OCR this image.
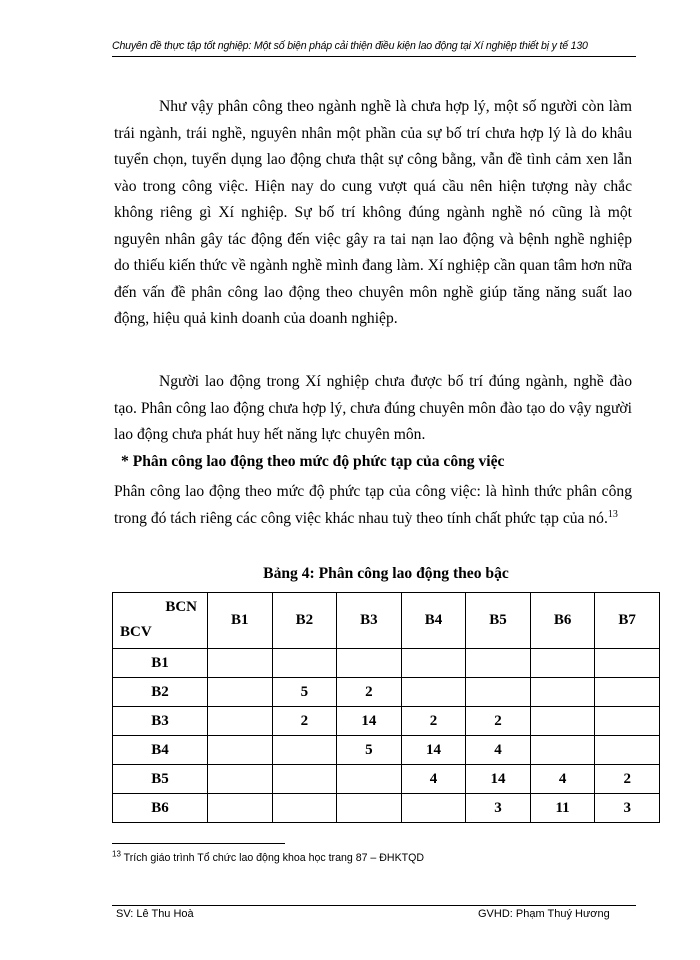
Chuyên đề thực tập tốt nghiệp: Một số biện pháp cải thiện điều kiện lao động tại Xí nghiệp thiết bị y tế 130

Như vậy phân công theo ngành nghề là chưa hợp lý, một số người còn làm trái ngành, trái nghề, nguyên nhân một phần của sự bố trí chưa hợp lý là do khâu tuyển chọn, tuyển dụng lao động chưa thật sự công bằng, vẫn đề tình cảm xen lẫn vào trong công việc. Hiện nay do cung vượt quá cầu nên hiện tượng này chắc không riêng gì Xí nghiệp. Sự bố trí không đúng ngành nghề nó cũng là một nguyên nhân gây tác động đến việc gây ra tai nạn lao động và bệnh nghề nghiệp do thiếu kiến thức về ngành nghề mình đang làm. Xí nghiệp cần quan tâm hơn nữa đến vấn đề phân công lao động theo chuyên môn nghề giúp tăng năng suất lao động, hiệu quả kinh doanh của doanh nghiệp.

Người lao động trong Xí nghiệp chưa được bố trí đúng ngành, nghề đào tạo. Phân công lao động chưa hợp lý, chưa đúng chuyên môn đào tạo do vậy người lao động chưa phát huy hết năng lực chuyên môn.

* Phân công lao động theo mức độ phức tạp của công việc

Phân công lao động theo mức độ phức tạp của công việc: là hình thức phân công trong đó tách riêng các công việc khác nhau tuỳ theo tính chất phức tạp của nó.$^{13}$

Bảng 4: Phân công lao động theo bậc
BCN
BCV	B1	B2	B3	B4	B5	B6	B7
B1							
B2		5	2				
B3		2	14	2	2		
B4			5	14	4		
B5				4	14	4	2
B6					3	11	3
$^{13}$ Trích giáo trình Tổ chức lao động khoa học trang 87 – ĐHKTQD
SV: Lê Thu Hoà	GVHD: Phạm Thuý Hương
